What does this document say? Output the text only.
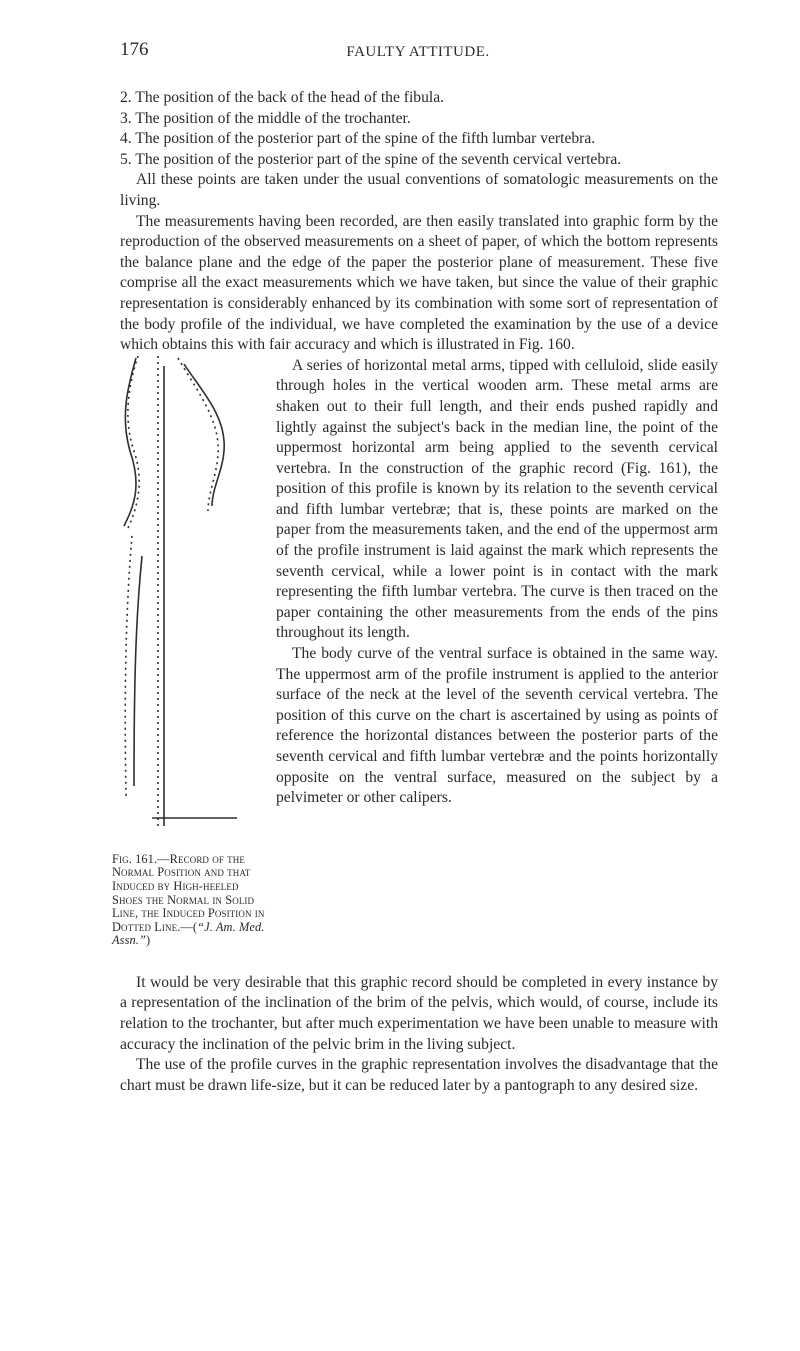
176	FAULTY ATTITUDE.

2. The position of the back of the head of the fibula.

3. The position of the middle of the trochanter.

4. The position of the posterior part of the spine of the fifth lumbar vertebra.

5. The position of the posterior part of the spine of the seventh cervical vertebra.

All these points are taken under the usual conventions of somatologic measurements on the living.

The measurements having been recorded, are then easily translated into graphic form by the reproduction of the observed measurements on a sheet of paper, of which the bottom represents the balance plane and the edge of the paper the posterior plane of measurement. These five comprise all the exact measurements which we have taken, but since the value of their graphic representation is considerably enhanced by its combination with some sort of representation of the body profile of the individual, we have completed the examination by the use of a device which obtains this with fair accuracy and which is illustrated in Fig. 160.

Fig. 161.—Record of the Normal Position and that Induced by High-heeled Shoes the Normal in Solid Line, the Induced Position in Dotted Line.—(“J. Am. Med. Assn.”)

A series of horizontal metal arms, tipped with celluloid, slide easily through holes in the vertical wooden arm. These metal arms are shaken out to their full length, and their ends pushed rapidly and lightly against the subject's back in the median line, the point of the uppermost horizontal arm being applied to the seventh cervical vertebra. In the construction of the graphic record (Fig. 161), the position of this profile is known by its relation to the seventh cervical and fifth lumbar vertebræ; that is, these points are marked on the paper from the measurements taken, and the end of the uppermost arm of the profile instrument is laid against the mark which represents the seventh cervical, while a lower point is in contact with the mark representing the fifth lumbar vertebra. The curve is then traced on the paper containing the other measurements from the ends of the pins throughout its length.

The body curve of the ventral surface is obtained in the same way. The uppermost arm of the profile instrument is applied to the anterior surface of the neck at the level of the seventh cervical vertebra. The position of this curve on the chart is ascertained by using as points of reference the horizontal distances between the posterior parts of the seventh cervical and fifth lumbar vertebræ and the points horizontally opposite on the ventral surface, measured on the subject by a pelvimeter or other calipers.

It would be very desirable that this graphic record should be completed in every instance by a representation of the inclination of the brim of the pelvis, which would, of course, include its relation to the trochanter, but after much experimentation we have been unable to measure with accuracy the inclination of the pelvic brim in the living subject.

The use of the profile curves in the graphic representation involves the disadvantage that the chart must be drawn life-size, but it can be reduced later by a pantograph to any desired size.
